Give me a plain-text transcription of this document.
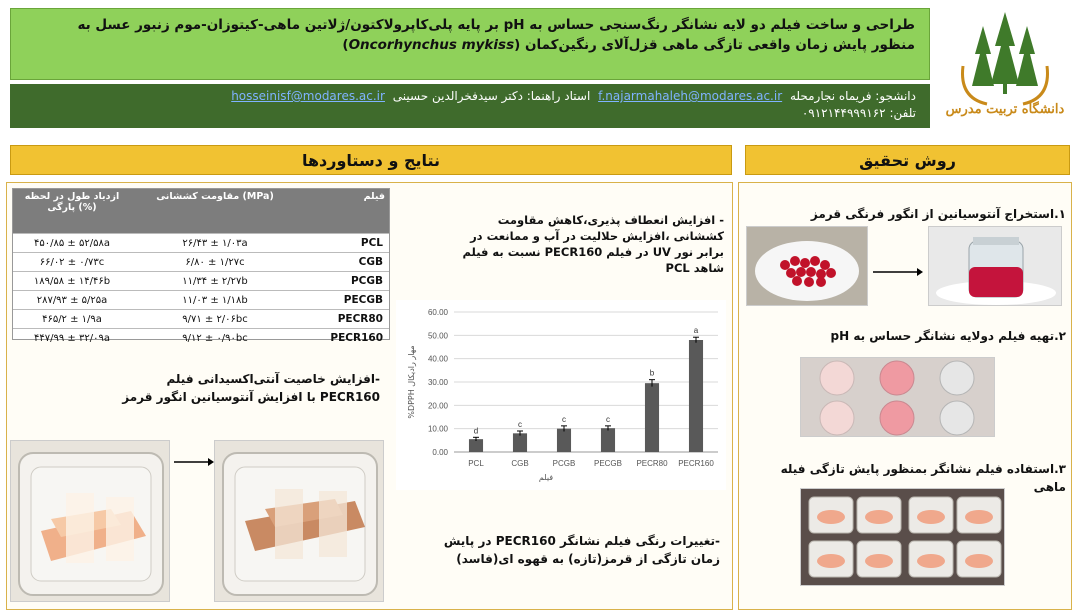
طراحی و ساخت فیلم دو لایه نشانگر رنگ‌سنجی حساس به pH بر پایه پلی‌کاپرولاکتون/ژلاتین ماهی-کیتوزان-موم زنبور عسل به
منظور پایش زمان واقعی تازگی ماهی قزل‌آلای رنگین‌کمان (Oncorhynchus mykiss)
دانشجو: فریماه نجارمحله f.najarmahaleh@modares.ac.ir استاد راهنما: دکتر سیدفخرالدین حسینی hosseinisf@modares.ac.ir
تلفن: ۰۹۱۲۱۴۴۹۹۹۱۶۲ دانشگاه تربیت مدرس
نتایج و دستاوردها	روش تحقیق
ازدیاد طول در لحظه پارگی (%)	مقاومت کششانی (MPa)	فیلم
۴۵۰/۸۵ ± ۵۲/۵۸a	۲۶/۴۳ ± ۱/۰۳a	PCL
۶۶/۰۲ ± ۰/۷۳c	۶/۸۰ ± ۱/۲۷c	CGB
۱۸۹/۵۸ ± ۱۴/۴۶b	۱۱/۳۴ ± ۲/۲۷b	PCGB
۲۸۷/۹۳ ± ۵/۲۵a	۱۱/۰۳ ± ۱/۱۸b	PECGB
۴۶۵/۲ ± ۱/۹a	۹/۷۱ ± ۲/۰۶bc	PECR80
۴۴۷/۹۹ ± ۳۲/۰۹a	۹/۱۲ ± ۰/۹۰bc	PECR160
- افزایش انعطاف پذیری،کاهش مقاومت کششانی ،افزایش حلالیت در آب و ممانعت در برابر نور UV در فیلم PECR160 نسبت به فیلم شاهد PCL
-افزایش خاصیت آنتی‌اکسیدانی فیلم PECR160 با افزایش آنتوسیانین انگور قرمز
-تغییرات رنگی فیلم نشانگر PECR160 در پایش زمان تازگی از قرمز(تازه) به قهوه ای(فاسد)
0.00
10.00
20.00
30.00
40.00
50.00
60.00
d
PCL
c
CGB
c
PCGB
c
PECGB
b
PECR80
a
PECR160
فیلم
%DPPH مهار رادیکال
۱.استخراج آنتوسیانین از انگور فرنگی قرمز
۲.تهیه فیلم دولایه نشانگر حساس به pH
۳.استفاده فیلم نشانگر بمنظور پایش تازگی فیله ماهی
